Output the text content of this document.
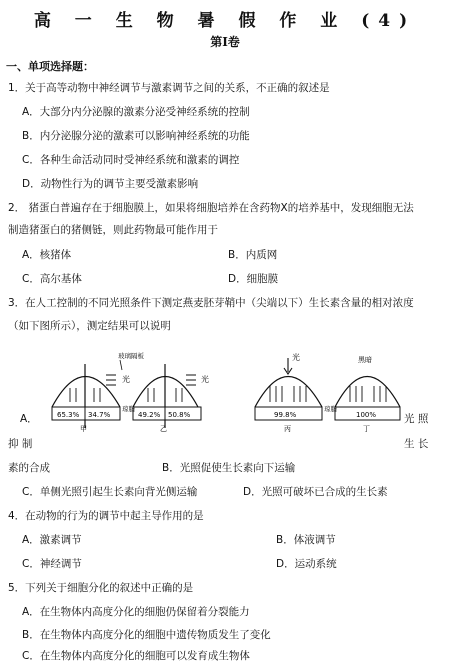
高 一 生 物 暑 假 作 业 (4)
第Ⅰ卷
一、单项选择题：
1．关于高等动物中神经调节与激素调节之间的关系，不正确的叙述是
A．大部分内分泌腺的激素分泌受神经系统的控制
B．内分泌腺分泌的激素可以影响神经系统的功能
C．各种生命活动同时受神经系统和激素的调控
D．动物性行为的调节主要受激素影响
2． 猪蛋白普遍存在于细胞膜上，如果将细胞培养在含药物X的培养基中，发现细胞无法
制造猪蛋白的猪侧链，则此药物最可能作用于
A．核猪体	B．内质网
C．高尔基体	D．细胞膜
3．在人工控制的不同光照条件下测定燕麦胚芽鞘中（尖端以下）生长素含量的相对浓度
（如下图所示），测定结果可以说明
玻璃隔板
光	光
65.3% 34.7%	49.2% 50.8%
琼脂
甲	乙
光	黑暗
99.8%	100%
琼脂
丙	丁
A．	光 照
抑 制	生 长
素的合成	B．光照促使生长素向下运输
C．单侧光照引起生长素向背光侧运输	D．光照可破坏已合成的生长素
4．在动物的行为的调节中起主导作用的是
A．激素调节	B．体液调节
C．神经调节	D．运动系统
5．下列关于细胞分化的叙述中正确的是
A．在生物体内高度分化的细胞仍保留着分裂能力
B．在生物体内高度分化的细胞中遗传物质发生了变化
C．在生物体内高度分化的细胞可以发育成生物体
